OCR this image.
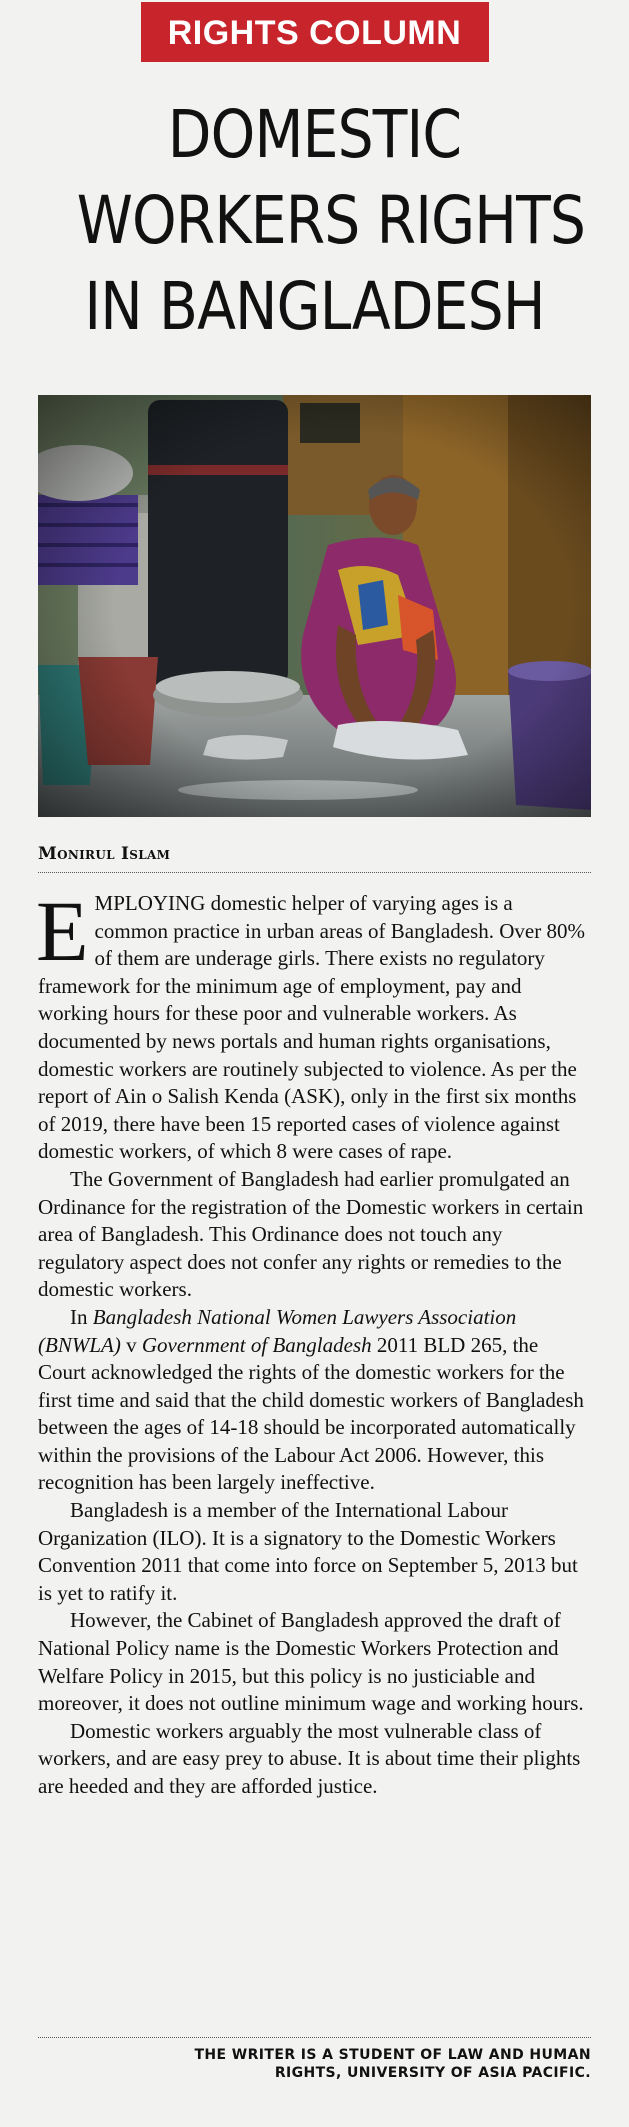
RIGHTS COLUMN
DOMESTIC
WORKERS RIGHTS
IN BANGLADESH
Monirul Islam

EMPLOYING domestic helper of varying ages is a common practice in urban areas of Bangladesh. Over 80% of them are underage girls. There exists no regulatory framework for the minimum age of employment, pay and working hours for these poor and vulnerable workers. As documented by news portals and human rights organisations, domestic workers are routinely subjected to violence. As per the report of Ain o Salish Kenda (ASK), only in the first six months of 2019, there have been 15 reported cases of violence against domestic workers, of which 8 were cases of rape.

The Government of Bangladesh had earlier promulgated an Ordinance for the registration of the Domestic workers in certain area of Bangladesh. This Ordinance does not touch any regulatory aspect does not confer any rights or remedies to the domestic workers.

In Bangladesh National Women Lawyers Association (BNWLA) v Government of Bangladesh 2011 BLD 265, the Court acknowledged the rights of the domestic workers for the first time and said that the child domestic workers of Bangladesh between the ages of 14-18 should be incorporated automatically within the provisions of the Labour Act 2006. However, this recognition has been largely ineffective.

Bangladesh is a member of the International Labour Organization (ILO). It is a signatory to the Domestic Workers Convention 2011 that come into force on September 5, 2013 but is yet to ratify it.

However, the Cabinet of Bangladesh approved the draft of National Policy name is the Domestic Workers Protection and Welfare Policy in 2015, but this policy is no justiciable and moreover, it does not outline minimum wage and working hours.

Domestic workers arguably the most vulnerable class of workers, and are easy prey to abuse. It is about time their plights are heeded and they are afforded justice.

THE WRITER IS A STUDENT OF LAW AND HUMAN
RIGHTS, UNIVERSITY OF ASIA PACIFIC.
